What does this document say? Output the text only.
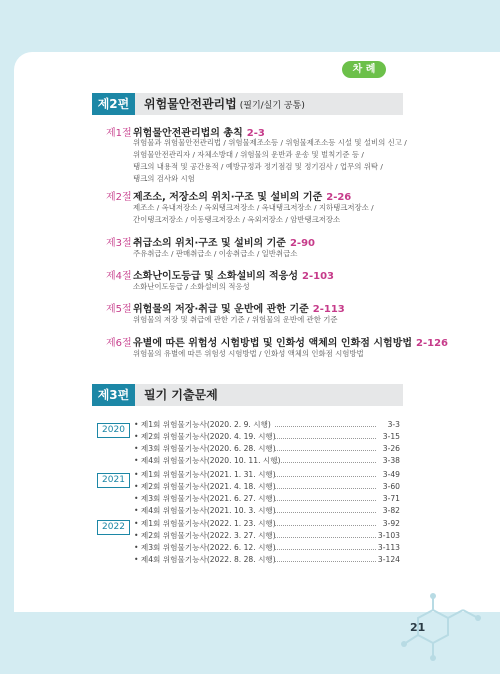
차 례
제2편	위험물안전관리법 (필기/실기 공통)
제1절 위험물안전관리법의 총칙 2-3
위험물과 위험물안전관리법 / 위험물제조소등 / 위험물제조소등 시설 및 설비의 신고 /
위험물안전관리자 / 자체소방대 / 위험물의 운반과 운송 및 벌칙기준 등 /
탱크의 내용적 및 공간용적 / 예방규정과 정기점검 및 정기검사 / 업무의 위탁 /
탱크의 검사와 시험
제2절 제조소, 저장소의 위치·구조 및 설비의 기준 2-26
제조소 / 옥내저장소 / 옥외탱크저장소 / 옥내탱크저장소 / 지하탱크저장소 /
간이탱크저장소 / 이동탱크저장소 / 옥외저장소 / 암반탱크저장소
제3절 취급소의 위치·구조 및 설비의 기준 2-90
주유취급소 / 판매취급소 / 이송취급소 / 일반취급소
제4절 소화난이도등급 및 소화설비의 적응성 2-103
소화난이도등급 / 소화설비의 적응성
제5절 위험물의 저장·취급 및 운반에 관한 기준 2-113
위험물의 저장 및 취급에 관한 기준 / 위험물의 운반에 관한 기준
제6절 유별에 따른 위험성 시험방법 및 인화성 액체의 인화점 시험방법 2-126
위험물의 유별에 따른 위험성 시험방법 / 인화성 액체의 인화점 시험방법
제3편	필기 기출문제
2020
• 제1회 위험물기능사(2020. 2. 9. 시행)	3-3
• 제2회 위험물기능사(2020. 4. 19. 시행)	3-15
• 제3회 위험물기능사(2020. 6. 28. 시행)	3-26
• 제4회 위험물기능사(2020. 10. 11. 시행)	3-38
2021
• 제1회 위험물기능사(2021. 1. 31. 시행)	3-49
• 제2회 위험물기능사(2021. 4. 18. 시행)	3-60
• 제3회 위험물기능사(2021. 6. 27. 시행)	3-71
• 제4회 위험물기능사(2021. 10. 3. 시행)	3-82
2022	• 제1회 위험물기능사(2022. 1. 23. 시행)	3-92
• 제2회 위험물기능사(2022. 3. 27. 시행)	3-103
• 제3회 위험물기능사(2022. 6. 12. 시행)	3-113
• 제4회 위험물기능사(2022. 8. 28. 시행)	3-124
21
